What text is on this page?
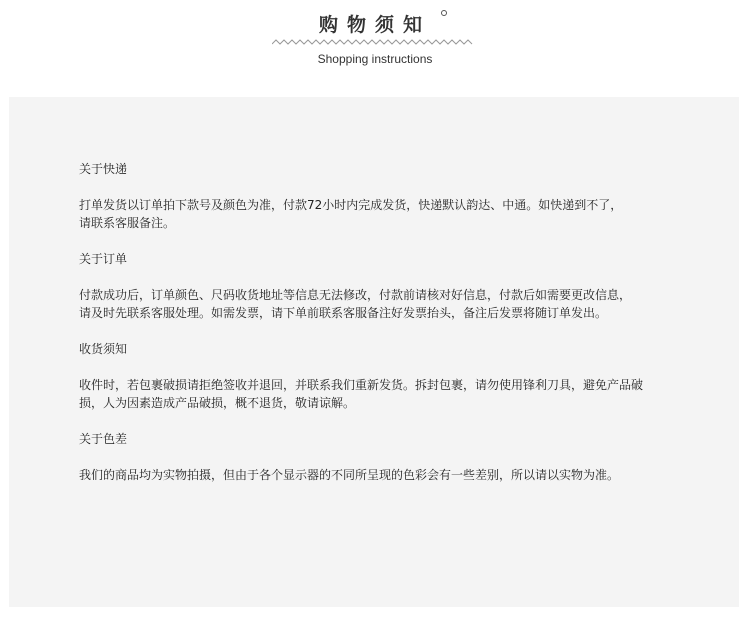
购物须知
Shopping instructions
关于快递
打单发货以订单拍下款号及颜色为准，付款72小时内完成发货，快递默认韵达、中通。如快递到不了，
请联系客服备注。
关于订单
付款成功后，订单颜色、尺码收货地址等信息无法修改，付款前请核对好信息，付款后如需要更改信息，
请及时先联系客服处理。如需发票，请下单前联系客服备注好发票抬头，备注后发票将随订单发出。
收货须知
收件时，若包裹破损请拒绝签收并退回，并联系我们重新发货。拆封包裹，请勿使用锋利刀具，避免产品破
损，人为因素造成产品破损，概不退货，敬请谅解。
关于色差
我们的商品均为实物拍摄，但由于各个显示器的不同所呈现的色彩会有一些差别，所以请以实物为准。
